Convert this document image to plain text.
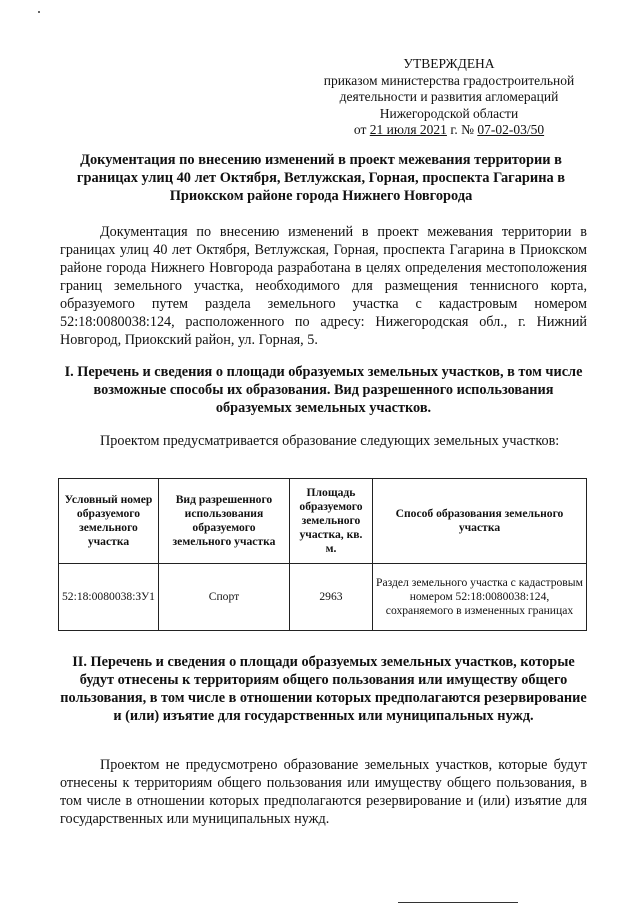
УТВЕРЖДЕНА
приказом министерства градостроительной
деятельности и развития агломераций
Нижегородской области
от 21 июля 2021 г. № 07-02-03/50
Документация по внесению изменений в проект межевания территории в границах улиц 40 лет Октября, Ветлужская, Горная, проспекта Гагарина в Приокском районе города Нижнего Новгорода
Документация по внесению изменений в проект межевания территории в границах улиц 40 лет Октября, Ветлужская, Горная, проспекта Гагарина в Приокском районе города Нижнего Новгорода разработана в целях определения местоположения границ земельного участка, необходимого для размещения теннисного корта, образуемого путем раздела земельного участка с кадастровым номером 52:18:0080038:124, расположенного по адресу: Нижегородская обл., г. Нижний Новгород, Приокский район, ул. Горная, 5.
I. Перечень и сведения о площади образуемых земельных участков, в том числе возможные способы их образования. Вид разрешенного использования образуемых земельных участков.
Проектом предусматривается образование следующих земельных участков:
Условный номер образуемого земельного участка	Вид разрешенного использования образуемого земельного участка	Площадь образуемого земельного участка, кв. м.	Способ образования земельного участка
52:18:0080038:ЗУ1	Спорт	2963	Раздел земельного участка с кадастровым номером 52:18:0080038:124, сохраняемого в измененных границах
II. Перечень и сведения о площади образуемых земельных участков, которые будут отнесены к территориям общего пользования или имуществу общего пользования, в том числе в отношении которых предполагаются резервирование и (или) изъятие для государственных или муниципальных нужд.
Проектом не предусмотрено образование земельных участков, которые будут отнесены к территориям общего пользования или имуществу общего пользования, в том числе в отношении которых предполагаются резервирование и (или) изъятие для государственных или муниципальных нужд.
